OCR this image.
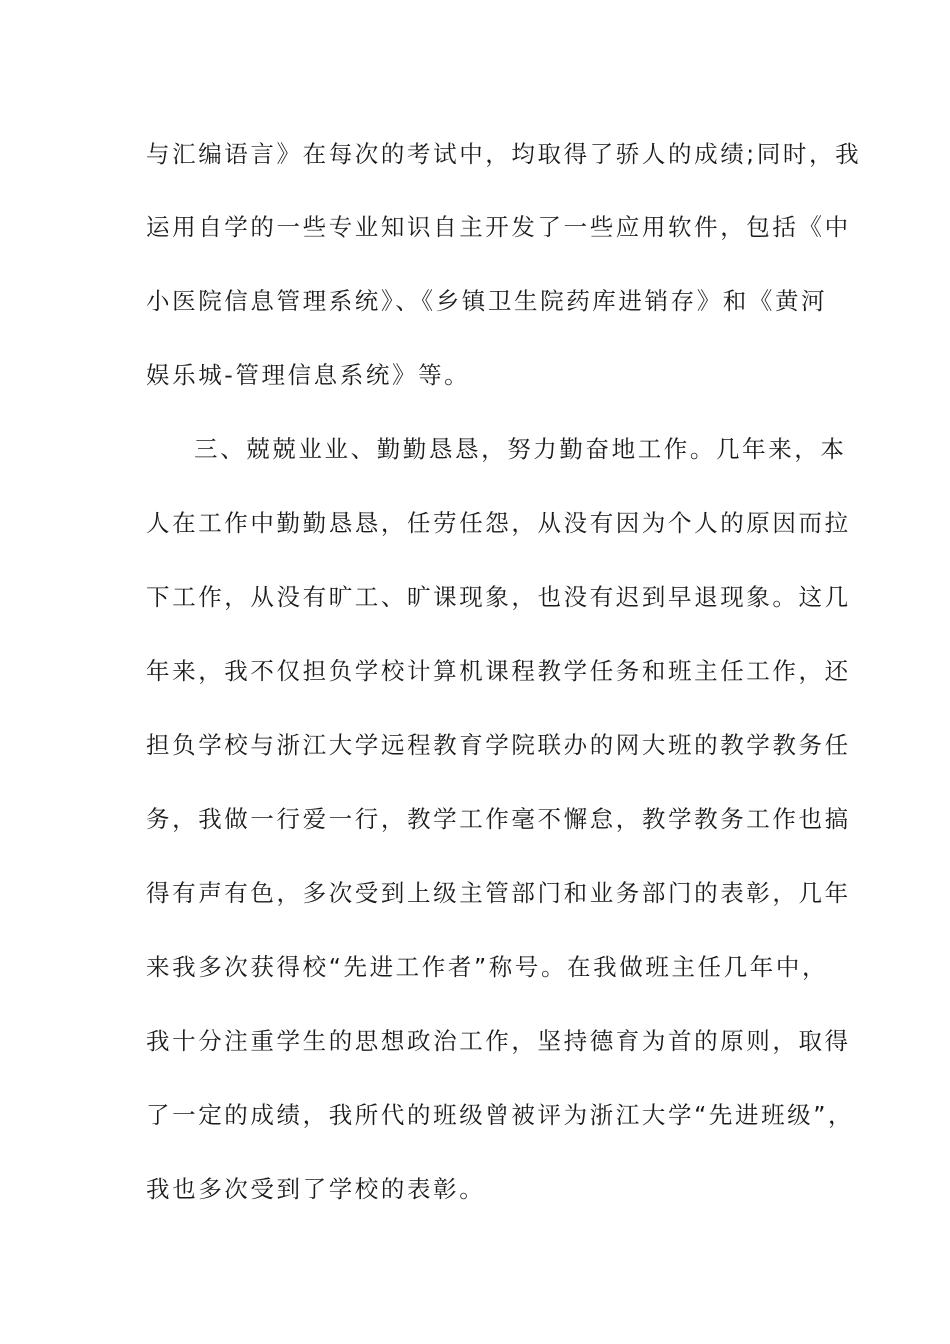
与汇编语言》在每次的考试中，均取得了骄人的成绩;同时，我
运用自学的一些专业知识自主开发了一些应用软件，包括《中
小医院信息管理系统》、《乡镇卫生院药库进销存》和《黄河
娱乐城-管理信息系统》等。
三、兢兢业业、勤勤恳恳，努力勤奋地工作。几年来，本
人在工作中勤勤恳恳，任劳任怨，从没有因为个人的原因而拉
下工作，从没有旷工、旷课现象，也没有迟到早退现象。这几
年来，我不仅担负学校计算机课程教学任务和班主任工作，还
担负学校与浙江大学远程教育学院联办的网大班的教学教务任
务，我做一行爱一行，教学工作毫不懈怠，教学教务工作也搞
得有声有色，多次受到上级主管部门和业务部门的表彰，几年
来我多次获得校“先进工作者”称号。在我做班主任几年中，
我十分注重学生的思想政治工作，坚持德育为首的原则，取得
了一定的成绩，我所代的班级曾被评为浙江大学“先进班级”，
我也多次受到了学校的表彰。
